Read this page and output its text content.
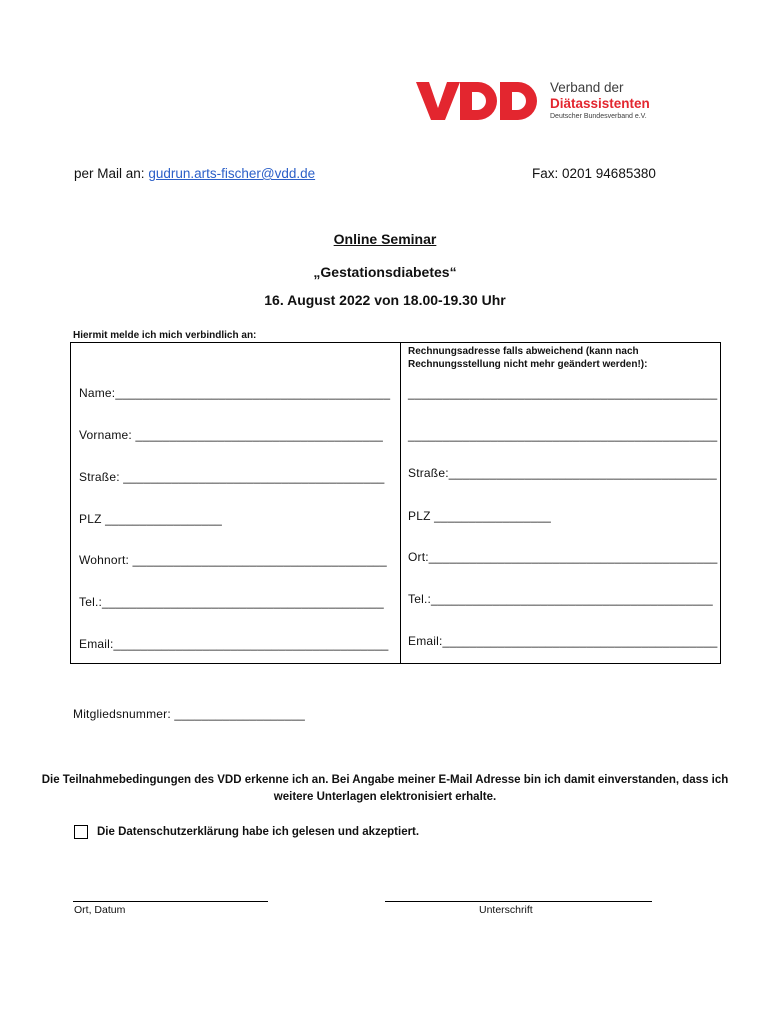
Verband der
Diätassistenten
Deutscher Bundesverband e.V.
per Mail an: gudrun.arts-fischer@vdd.de	Fax: 0201 94685380
Online Seminar
„Gestationsdiabetes“
16. August 2022 von 18.00-19.30 Uhr
Hiermit melde ich mich verbindlich an:
Rechnungsadresse falls abweichend (kann nach Rechnungsstellung nicht mehr geändert werden!):
Name:________________________________________
Vorname: ____________________________________
Straße: ______________________________________
PLZ _________________
Wohnort: _____________________________________
Tel.:_________________________________________
Email:________________________________________
_____________________________________________
_____________________________________________
Straße:_______________________________________
PLZ _________________
Ort:__________________________________________
Tel.:_________________________________________
Email:________________________________________
Mitgliedsnummer: ___________________
Die Teilnahmebedingungen des VDD erkenne ich an. Bei Angabe meiner E-Mail Adresse bin ich damit einverstanden, dass ich weitere Unterlagen elektronisiert erhalte.
Die Datenschutzerklärung habe ich gelesen und akzeptiert.
Ort, Datum	Unterschrift
